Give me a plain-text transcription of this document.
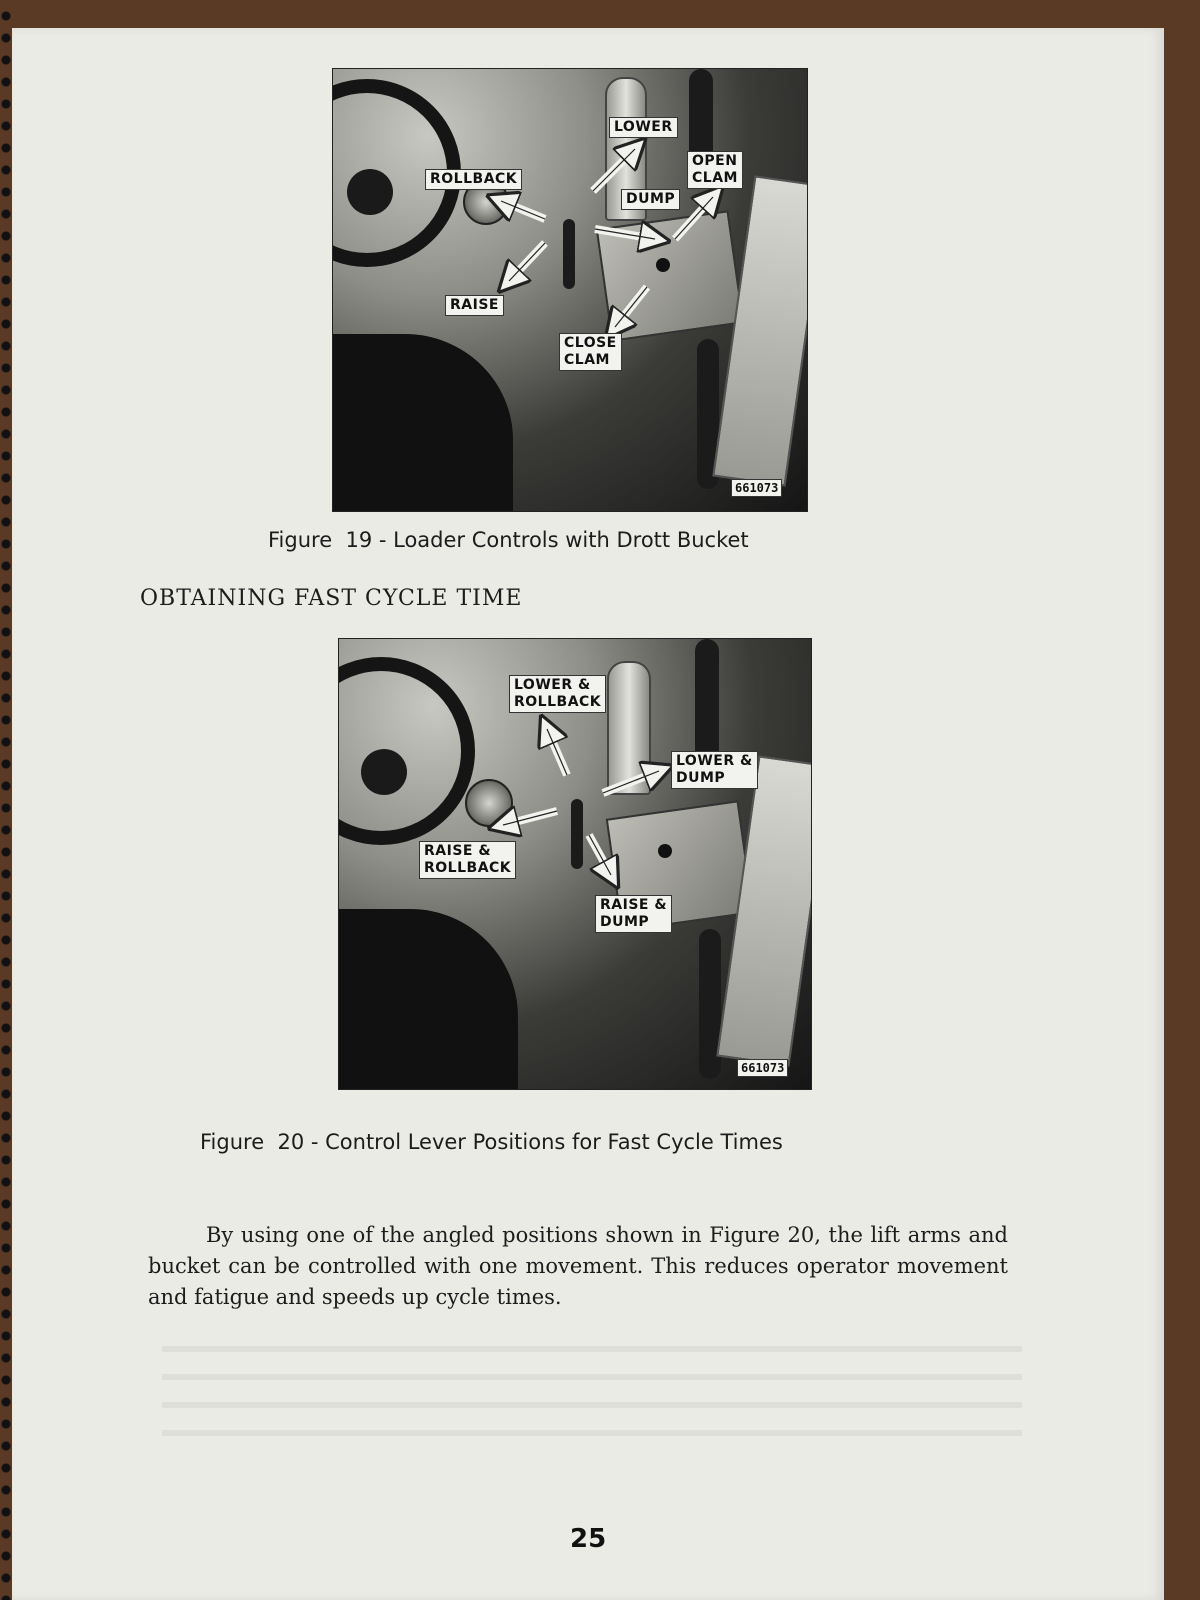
LOWER
ROLLBACK
OPEN
CLAM
DUMP
RAISE
CLOSE
CLAM
661073
Figure  19 - Loader Controls with Drott Bucket
OBTAINING FAST CYCLE TIME
LOWER &
ROLLBACK
LOWER &
DUMP
RAISE &
ROLLBACK
RAISE &
DUMP
661073
Figure  20 - Control Lever Positions for Fast Cycle Times
By using one of the angled positions shown in Figure 20, the lift arms and bucket can be controlled with one movement. This reduces operator movement and fatigue and speeds up cycle times.
25
